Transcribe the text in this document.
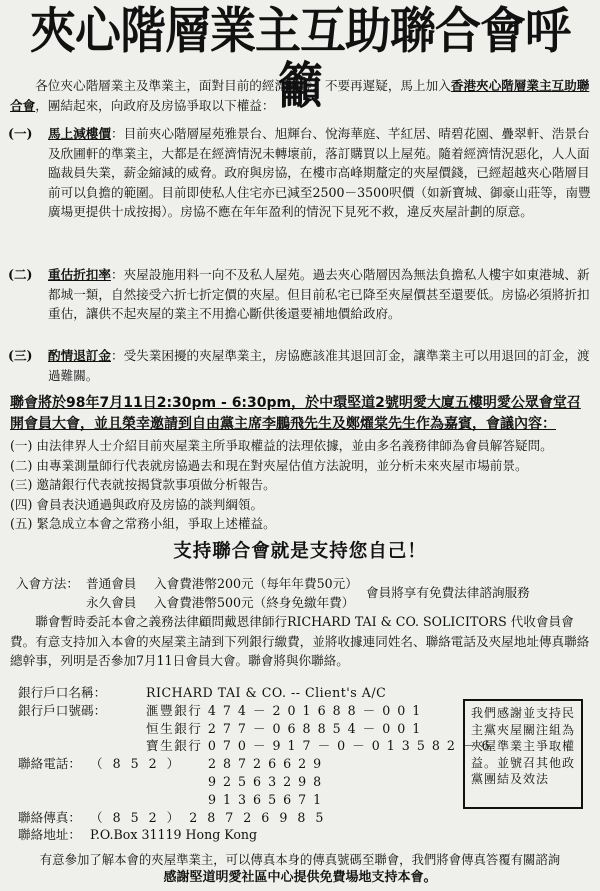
夾心階層業主互助聯合會呼籲
各位夾心階層業主及準業主，面對目前的經濟困境，不要再遲疑，馬上加入香港夾心階層業主互助聯合會，團結起來，向政府及房協爭取以下權益：
(一)	馬上減樓價：目前夾心階層屋苑雅景台、旭輝台、悅海華庭、芊紅居、晴碧花園、疊翠軒、浩景台及欣圃軒的準業主，大都是在經濟情況未轉壞前，落訂購買以上屋苑。隨着經濟情況惡化，人人面臨裁員失業，薪金縮減的威脅。政府與房協，在樓市高峰期釐定的夾屋價錢，已經超越夾心階層目前可以負擔的範圍。目前即使私人住宅亦已減至2500－3500呎價（如新寶城、御豪山莊等，南豐廣場更提供十成按揭）。房協不應在年年盈利的情況下見死不救，違反夾屋計劃的原意。
(二)	重估折扣率：夾屋設施用料一向不及私人屋苑。過去夾心階層因為無法負擔私人樓宇如東港城、新都城一類，自然接受六折七折定價的夾屋。但目前私宅已降至夾屋價甚至還要低。房協必須將折扣重估，讓供不起夾屋的業主不用擔心斷供後還要補地價給政府。
(三)	酌情退訂金：受失業困擾的夾屋準業主，房協應該准其退回訂金，讓準業主可以用退回的訂金，渡過難關。
聯會將於98年7月11日2:30pm - 6:30pm，於中環堅道2號明愛大廈五樓明愛公眾會堂召開會員大會，並且榮幸邀請到自由黨主席李鵬飛先生及鄭燿棠先生作為嘉賓，會議內容：
(一) 由法律界人士介紹目前夾屋業主所爭取權益的法理依據，並由多名義務律師為會員解答疑問。
(二) 由專業測量師行代表就房協過去和現在對夾屋估值方法說明，並分析未來夾屋市場前景。
(三) 邀請銀行代表就按揭貸款事項做分析報告。
(四) 會員表決通過與政府及房協的談判綱領。
(五) 緊急成立本會之常務小組，爭取上述權益。
支持聯合會就是支持您自己！
入會方法： 普通會員 入會費港幣200元（每年年費50元）
永久會員 入會費港幣500元（終身免繳年費）
會員將享有免費法律諮詢服務
聯會暫時委託本會之義務法律顧問戴恩律師行RICHARD TAI & CO. SOLICITORS 代收會員會費。有意支持加入本會的夾屋業主請到下列銀行繳費，並將收據連同姓名、聯絡電話及夾屋地址傳真聯絡總幹事，列明是否參加7月11日會員大會。聯會將與你聯絡。
銀行戶口名稱：	RICHARD TAI & CO. -- Client's A/C
銀行戶口號碼：	滙豐銀行 4 7 4 － 2 0 1 6 8 8 － 0 0 1
恒生銀行 2 7 7 － 0 6 8 8 5 4 － 0 0 1
寶生銀行 0 7 0 － 9 1 7 － 0 － 0 1 3 5 8 2 － 6
聯絡電話： （ 8 5 2 ） 2 8 7 2 6 6 2 9
9 2 5 6 3 2 9 8
9 1 3 6 5 6 7 1
聯絡傳真： （ 8 5 2 ） 2 8 7 2 6 9 8 5
聯絡地址： P.O.Box 31119 Hong Kong
我們感謝並支持民主黨夾屋關注組為夾屋準業主爭取權益。並號召其他政黨團結及效法
有意參加了解本會的夾屋準業主，可以傳真本身的傳真號碼至聯會，我們將會傳真答覆有關諮詢
感謝堅道明愛社區中心提供免費場地支持本會。
